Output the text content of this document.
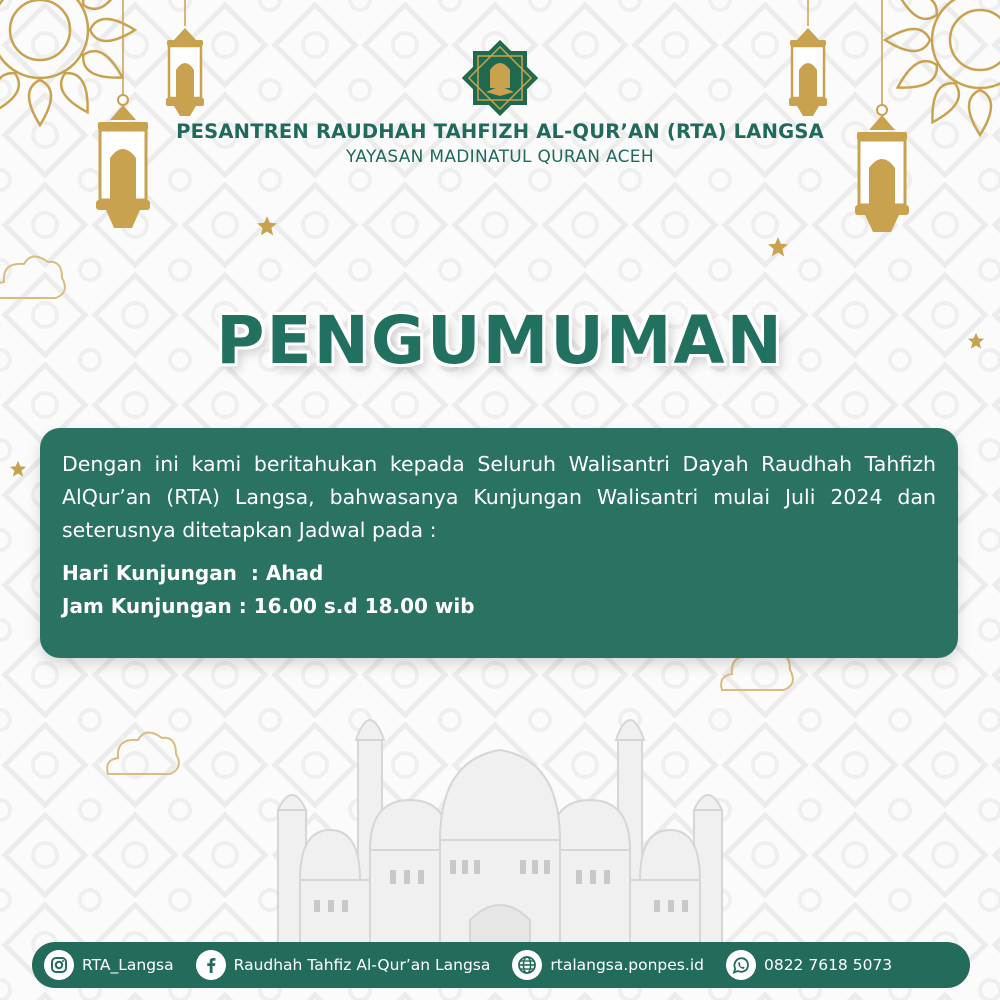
PESANTREN RAUDHAH TAHFIZH AL-QUR’AN (RTA) LANGSA
YAYASAN MADINATUL QURAN ACEH
PENGUMUMAN

Dengan ini kami beritahukan kepada Seluruh Walisantri Dayah Raudhah Tahfizh AlQur’an (RTA) Langsa, bahwasanya Kunjungan Walisantri mulai Juli 2024 dan seterusnya ditetapkan Jadwal pada :

Hari Kunjungan  : Ahad
Jam Kunjungan : 16.00 s.d 18.00 wib
RTA_Langsa	Raudhah Tahfiz Al-Qur’an Langsa	rtalangsa.ponpes.id	0822 7618 5073
